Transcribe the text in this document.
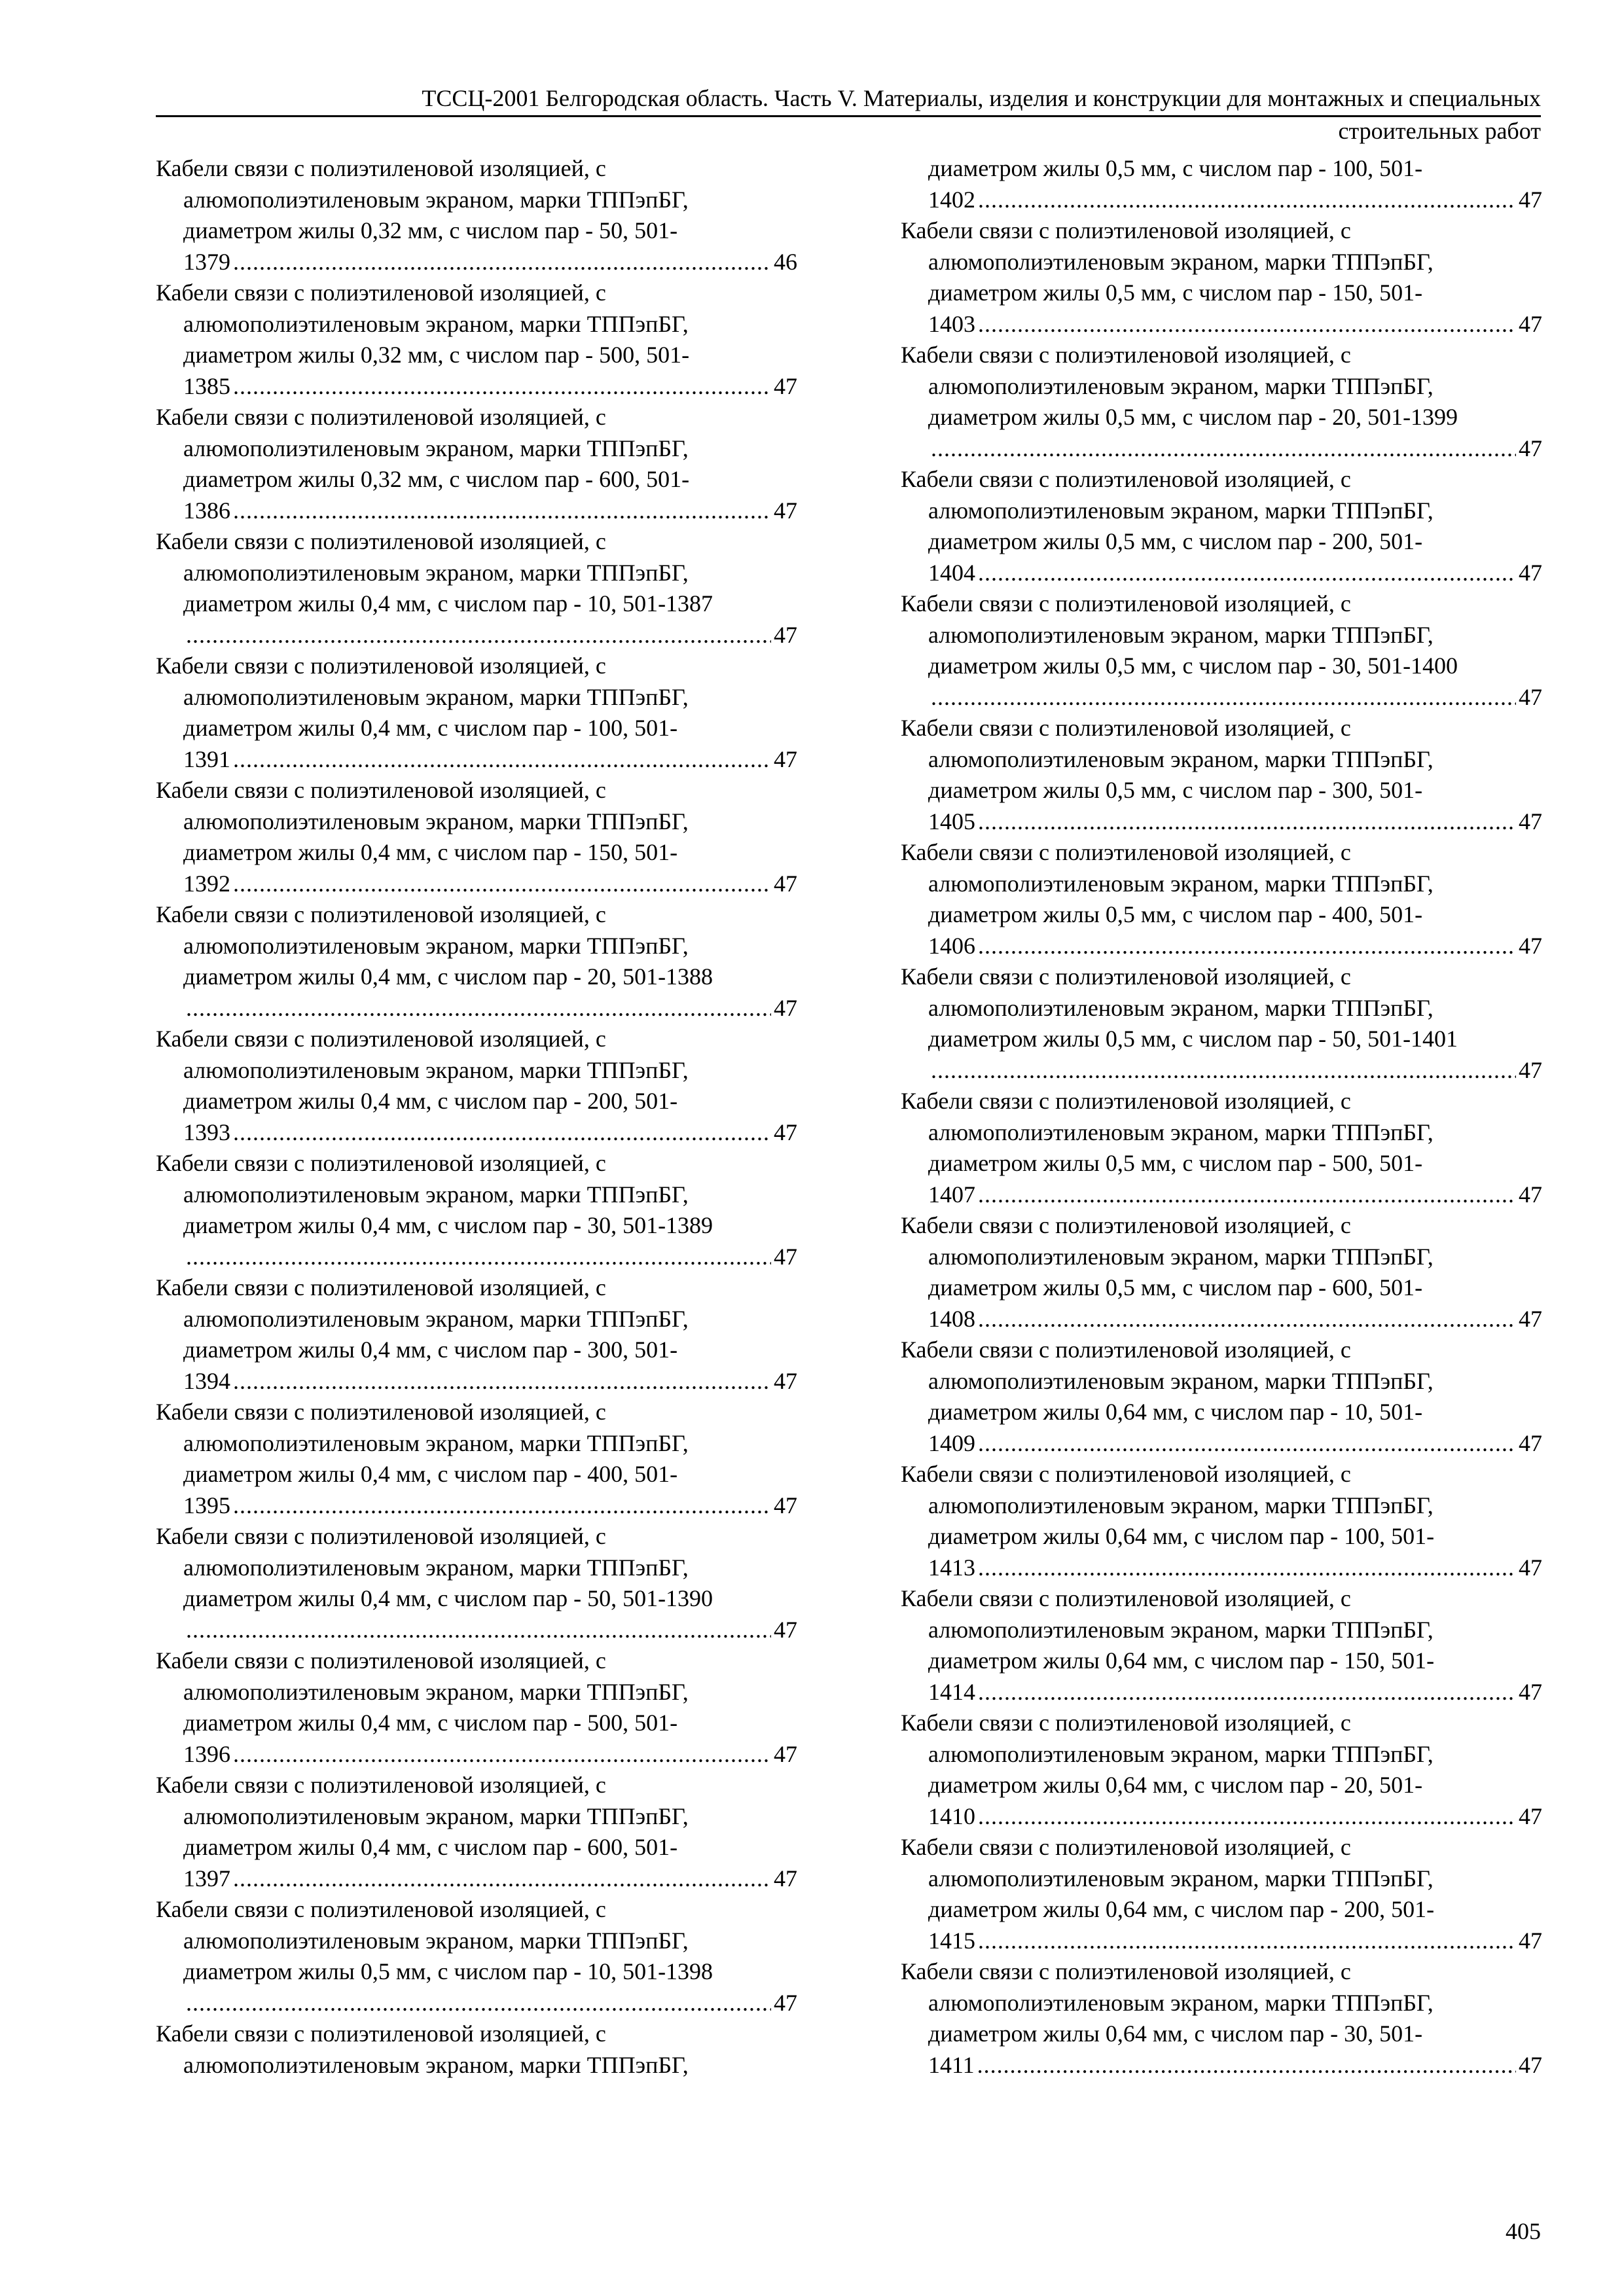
ТССЦ-2001 Белгородская область. Часть V. Материалы, изделия и конструкции для монтажных и специальных
строительных работ
Кабели связи с полиэтиленовой изоляцией, с
алюмополиэтиленовым экраном, марки ТППэпБГ,
диаметром жилы 0,32 мм, с числом пар - 50, 501-
1379 .....	46
Кабели связи с полиэтиленовой изоляцией, с
алюмополиэтиленовым экраном, марки ТППэпБГ,
диаметром жилы 0,32 мм, с числом пар - 500, 501-
1385 .....	47
Кабели связи с полиэтиленовой изоляцией, с
алюмополиэтиленовым экраном, марки ТППэпБГ,
диаметром жилы 0,32 мм, с числом пар - 600, 501-
1386 .....	47
Кабели связи с полиэтиленовой изоляцией, с
алюмополиэтиленовым экраном, марки ТППэпБГ,
диаметром жилы 0,4 мм, с числом пар - 10, 501-1387
.....
47
Кабели связи с полиэтиленовой изоляцией, с
алюмополиэтиленовым экраном, марки ТППэпБГ,
диаметром жилы 0,4 мм, с числом пар - 100, 501-
1391 .....	47
Кабели связи с полиэтиленовой изоляцией, с
алюмополиэтиленовым экраном, марки ТППэпБГ,
диаметром жилы 0,4 мм, с числом пар - 150, 501-
1392 .....	47
Кабели связи с полиэтиленовой изоляцией, с
алюмополиэтиленовым экраном, марки ТППэпБГ,
диаметром жилы 0,4 мм, с числом пар - 20, 501-1388
.....
47
Кабели связи с полиэтиленовой изоляцией, с
алюмополиэтиленовым экраном, марки ТППэпБГ,
диаметром жилы 0,4 мм, с числом пар - 200, 501-
1393 .....	47
Кабели связи с полиэтиленовой изоляцией, с
алюмополиэтиленовым экраном, марки ТППэпБГ,
диаметром жилы 0,4 мм, с числом пар - 30, 501-1389
.....
47
Кабели связи с полиэтиленовой изоляцией, с
алюмополиэтиленовым экраном, марки ТППэпБГ,
диаметром жилы 0,4 мм, с числом пар - 300, 501-
1394 .....	47
Кабели связи с полиэтиленовой изоляцией, с
алюмополиэтиленовым экраном, марки ТППэпБГ,
диаметром жилы 0,4 мм, с числом пар - 400, 501-
1395 .....	47
Кабели связи с полиэтиленовой изоляцией, с
алюмополиэтиленовым экраном, марки ТППэпБГ,
диаметром жилы 0,4 мм, с числом пар - 50, 501-1390
.....
47
Кабели связи с полиэтиленовой изоляцией, с
алюмополиэтиленовым экраном, марки ТППэпБГ,
диаметром жилы 0,4 мм, с числом пар - 500, 501-
1396 .....	47
Кабели связи с полиэтиленовой изоляцией, с
алюмополиэтиленовым экраном, марки ТППэпБГ,
диаметром жилы 0,4 мм, с числом пар - 600, 501-
1397 .....	47
Кабели связи с полиэтиленовой изоляцией, с
алюмополиэтиленовым экраном, марки ТППэпБГ,
диаметром жилы 0,5 мм, с числом пар - 10, 501-1398
.....
47
Кабели связи с полиэтиленовой изоляцией, с
алюмополиэтиленовым экраном, марки ТППэпБГ,
диаметром жилы 0,5 мм, с числом пар - 100, 501-
1402 .....	47
Кабели связи с полиэтиленовой изоляцией, с
алюмополиэтиленовым экраном, марки ТППэпБГ,
диаметром жилы 0,5 мм, с числом пар - 150, 501-
1403 .....	47
Кабели связи с полиэтиленовой изоляцией, с
алюмополиэтиленовым экраном, марки ТППэпБГ,
диаметром жилы 0,5 мм, с числом пар - 20, 501-1399
.....
47
Кабели связи с полиэтиленовой изоляцией, с
алюмополиэтиленовым экраном, марки ТППэпБГ,
диаметром жилы 0,5 мм, с числом пар - 200, 501-
1404 .....	47
Кабели связи с полиэтиленовой изоляцией, с
алюмополиэтиленовым экраном, марки ТППэпБГ,
диаметром жилы 0,5 мм, с числом пар - 30, 501-1400
.....
47
Кабели связи с полиэтиленовой изоляцией, с
алюмополиэтиленовым экраном, марки ТППэпБГ,
диаметром жилы 0,5 мм, с числом пар - 300, 501-
1405 .....	47
Кабели связи с полиэтиленовой изоляцией, с
алюмополиэтиленовым экраном, марки ТППэпБГ,
диаметром жилы 0,5 мм, с числом пар - 400, 501-
1406 .....	47
Кабели связи с полиэтиленовой изоляцией, с
алюмополиэтиленовым экраном, марки ТППэпБГ,
диаметром жилы 0,5 мм, с числом пар - 50, 501-1401
.....
47
Кабели связи с полиэтиленовой изоляцией, с
алюмополиэтиленовым экраном, марки ТППэпБГ,
диаметром жилы 0,5 мм, с числом пар - 500, 501-
1407 .....	47
Кабели связи с полиэтиленовой изоляцией, с
алюмополиэтиленовым экраном, марки ТППэпБГ,
диаметром жилы 0,5 мм, с числом пар - 600, 501-
1408 .....	47
Кабели связи с полиэтиленовой изоляцией, с
алюмополиэтиленовым экраном, марки ТППэпБГ,
диаметром жилы 0,64 мм, с числом пар - 10, 501-
1409 .....	47
Кабели связи с полиэтиленовой изоляцией, с
алюмополиэтиленовым экраном, марки ТППэпБГ,
диаметром жилы 0,64 мм, с числом пар - 100, 501-
1413 .....	47
Кабели связи с полиэтиленовой изоляцией, с
алюмополиэтиленовым экраном, марки ТППэпБГ,
диаметром жилы 0,64 мм, с числом пар - 150, 501-
1414 .....	47
Кабели связи с полиэтиленовой изоляцией, с
алюмополиэтиленовым экраном, марки ТППэпБГ,
диаметром жилы 0,64 мм, с числом пар - 20, 501-
1410 .....	47
Кабели связи с полиэтиленовой изоляцией, с
алюмополиэтиленовым экраном, марки ТППэпБГ,
диаметром жилы 0,64 мм, с числом пар - 200, 501-
1415 .....	47
Кабели связи с полиэтиленовой изоляцией, с
алюмополиэтиленовым экраном, марки ТППэпБГ,
диаметром жилы 0,64 мм, с числом пар - 30, 501-
1411 .....	47
405
